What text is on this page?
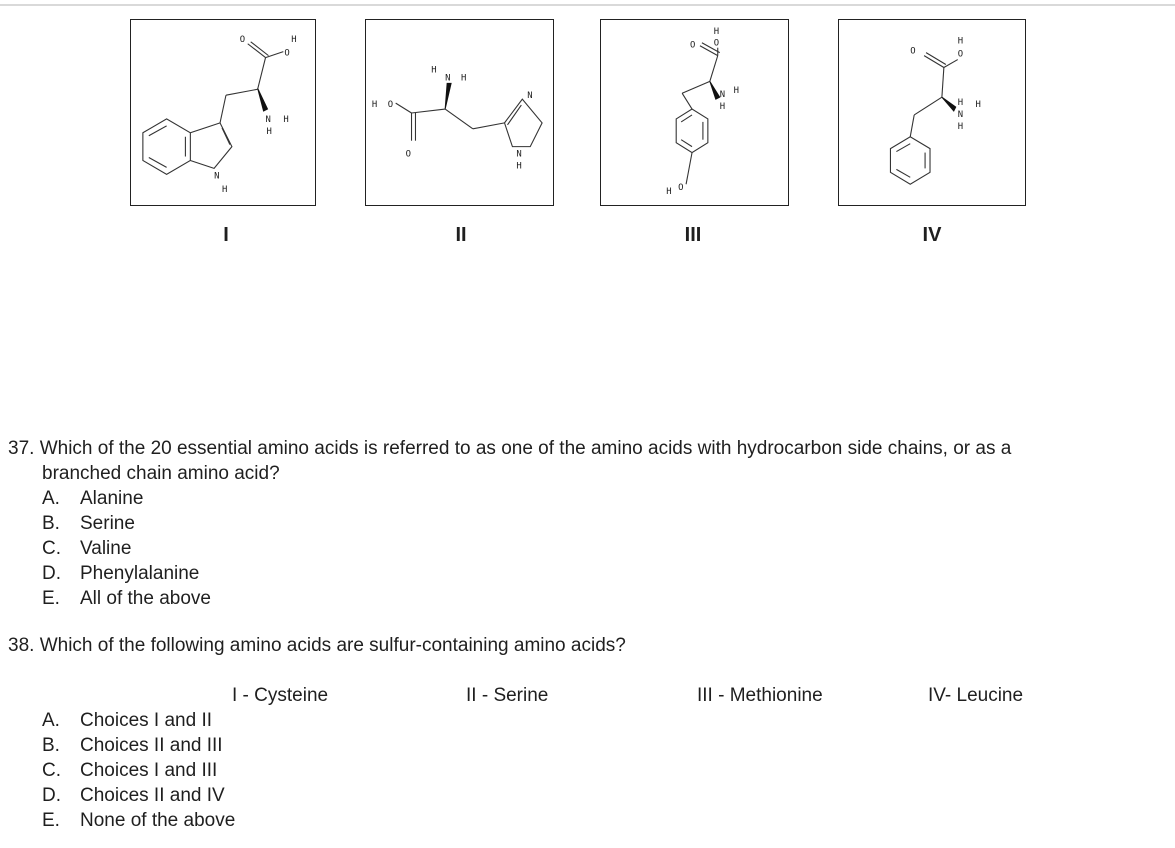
O
O
H
N H
H
N
H
H O
O
H
N H
N
N
H
O O
H
N H
H
H O
O	O
H
N
H
H
H
I	II	III	IV
37. Which of the 20 essential amino acids is referred to as one of the amino acids with hydrocarbon side chains, or as a
branched chain amino acid?
A. Alanine
B. Serine
C. Valine
D. Phenylalanine
E. All of the above
38. Which of the following amino acids are sulfur-containing amino acids?
I - Cysteine	II - Serine	III - Methionine	IV- Leucine
A. Choices I and II
B. Choices II and III
C. Choices I and III
D. Choices II and IV
E. None of the above
